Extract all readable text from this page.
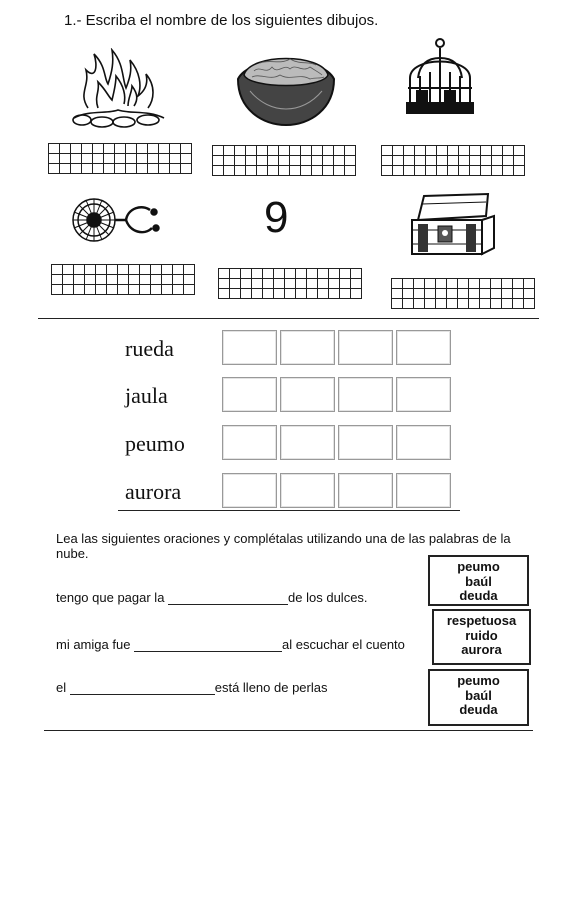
1.- Escriba el nombre de los siguientes dibujos.

9

rueda
jaula
peumo
aurora
Lea las siguientes oraciones y complétalas utilizando una de las palabras de la nube.
tengo que pagar la	de los dulces.
mi amiga fue	al escuchar el cuento
el	está lleno de perlas
peumo
baúl
deuda
respetuosa
ruido
aurora
peumo
baúl
deuda
